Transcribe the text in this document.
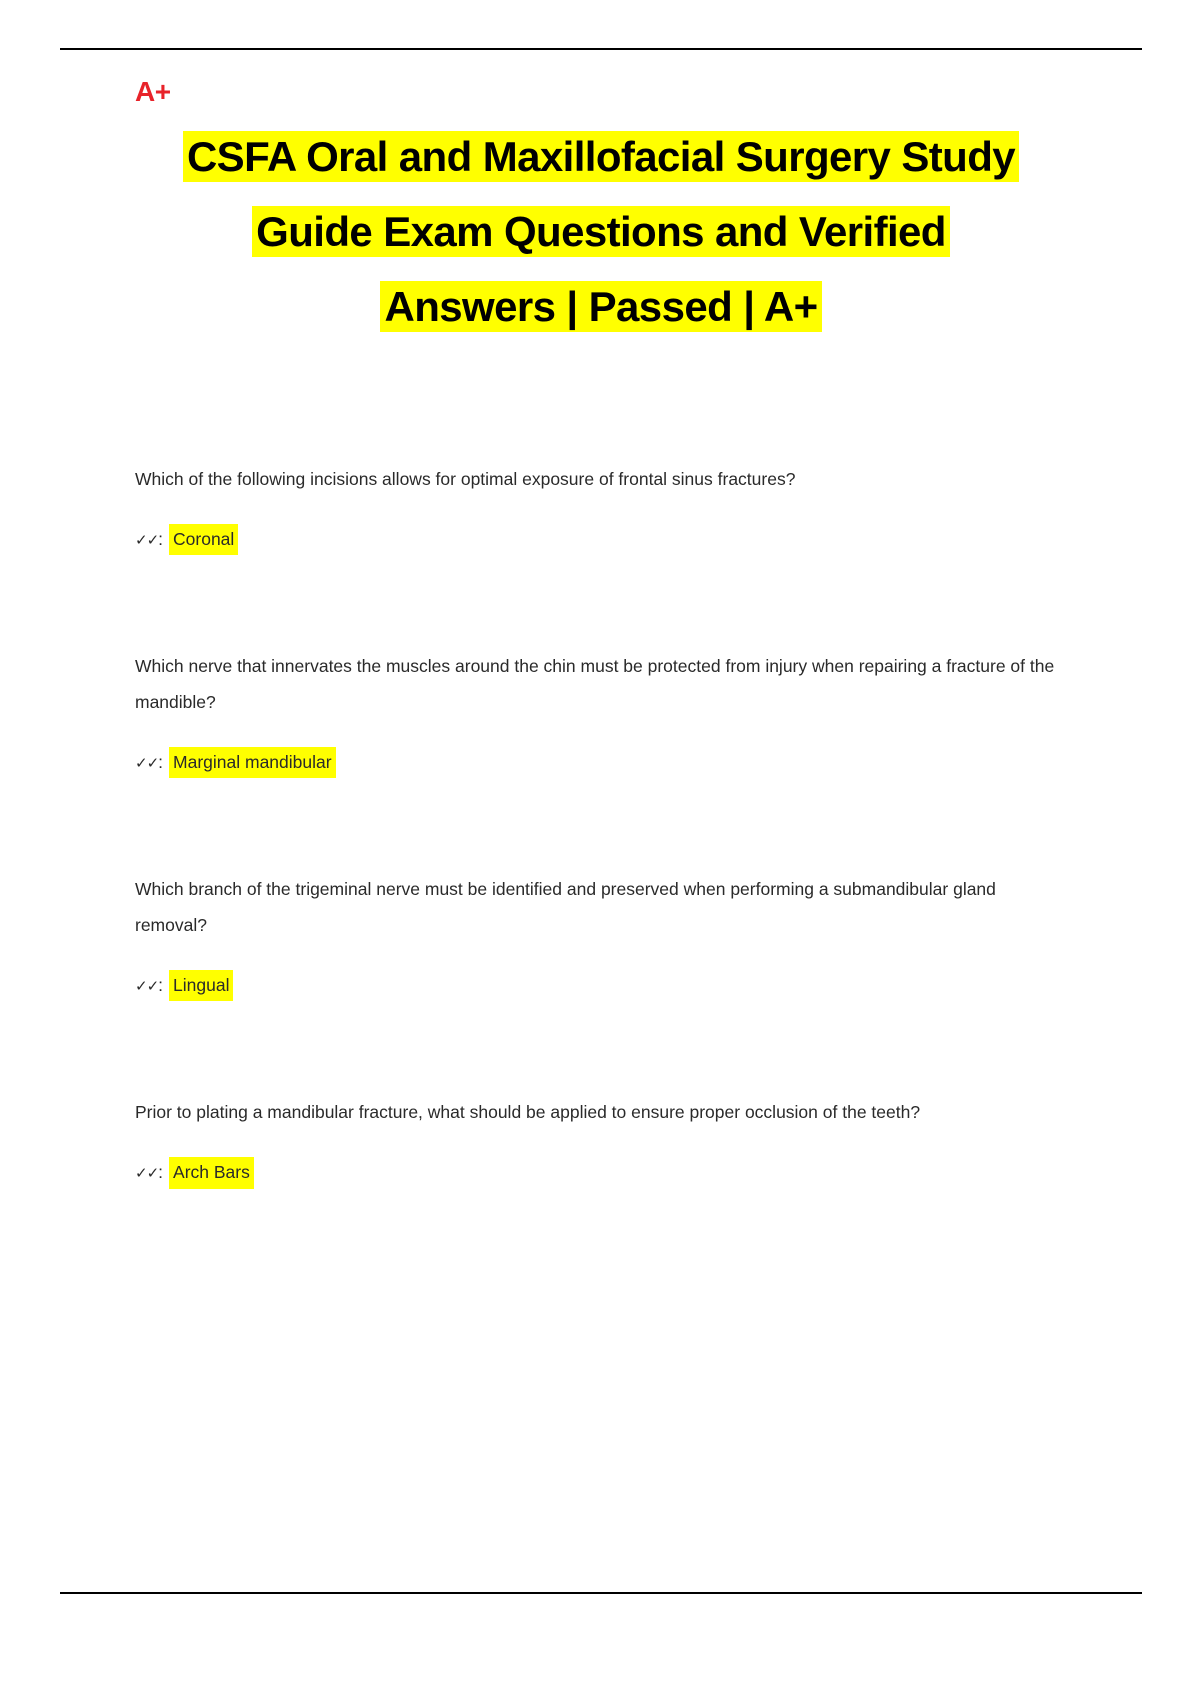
A+
CSFA Oral and Maxillofacial Surgery Study
Guide Exam Questions and Verified
Answers | Passed | A+
Which of the following incisions allows for optimal exposure of frontal sinus fractures?
✓✓ : Coronal
Which nerve that innervates the muscles around the chin must be protected from injury when repairing a fracture of the mandible?
✓✓ : Marginal mandibular
Which branch of the trigeminal nerve must be identified and preserved when performing a submandibular gland removal?
✓✓ : Lingual
Prior to plating a mandibular fracture, what should be applied to ensure proper occlusion of the teeth?
✓✓ : Arch Bars
